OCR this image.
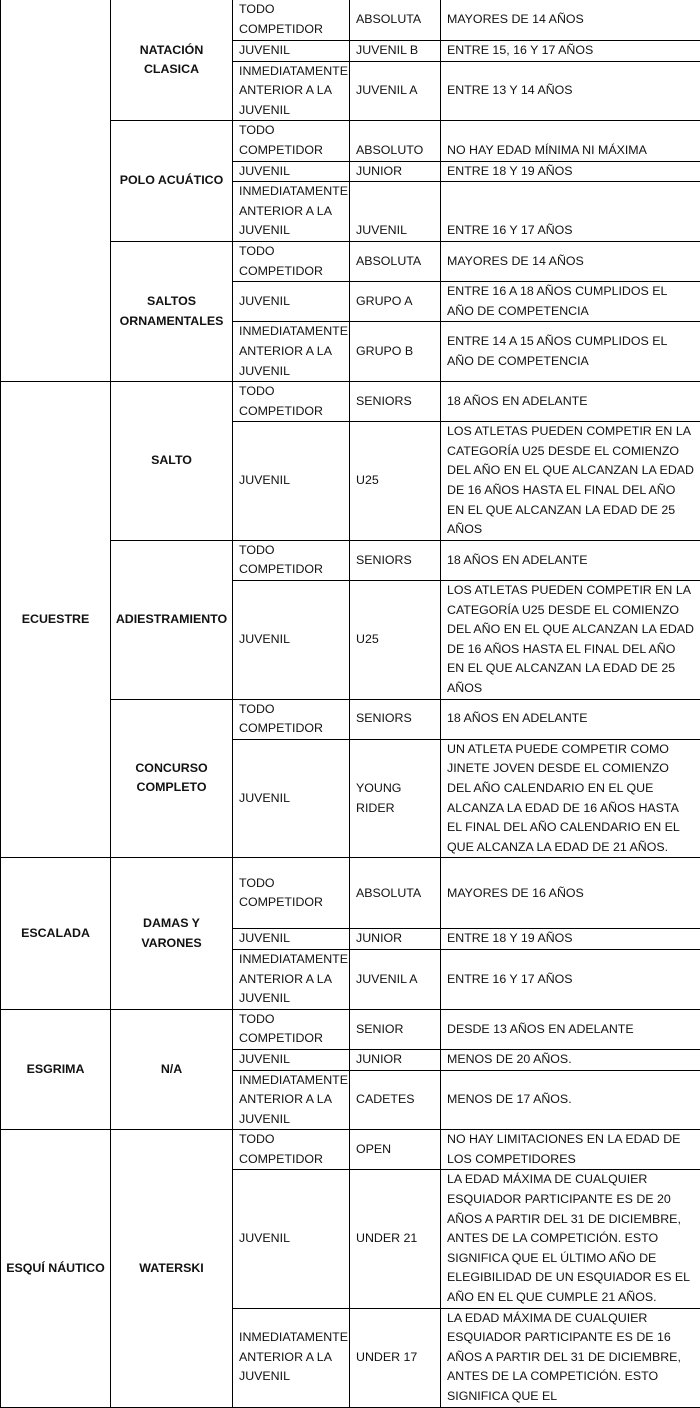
	NATACIÓN CLASICA	TODO COMPETIDOR	ABSOLUTA	MAYORES DE 14 AÑOS
		JUVENIL	JUVENIL B	ENTRE 15, 16 Y 17 AÑOS
		INMEDIATAMENTE ANTERIOR A LA JUVENIL	JUVENIL A	ENTRE 13 Y 14 AÑOS
	POLO ACUÁTICO	TODO COMPETIDOR	ABSOLUTO	NO HAY EDAD MÍNIMA NI MÁXIMA
		JUVENIL	JUNIOR	ENTRE 18 Y 19 AÑOS
		INMEDIATAMENTE ANTERIOR A LA JUVENIL	JUVENIL	ENTRE 16 Y 17 AÑOS
	SALTOS ORNAMENTALES	TODO COMPETIDOR	ABSOLUTA	MAYORES DE 14 AÑOS
		JUVENIL	GRUPO A	ENTRE 16 A 18 AÑOS CUMPLIDOS EL AÑO DE COMPETENCIA
		INMEDIATAMENTE ANTERIOR A LA JUVENIL	GRUPO B	ENTRE 14 A 15 AÑOS CUMPLIDOS EL AÑO DE COMPETENCIA
ECUESTRE	SALTO	TODO COMPETIDOR	SENIORS	18 AÑOS EN ADELANTE
		JUVENIL	U25	LOS ATLETAS PUEDEN COMPETIR EN LA CATEGORÍA U25 DESDE EL COMIENZO DEL AÑO EN EL QUE ALCANZAN LA EDAD DE 16 AÑOS HASTA EL FINAL DEL AÑO EN EL QUE ALCANZAN LA EDAD DE 25 AÑOS
	ADIESTRAMIENTO	TODO COMPETIDOR	SENIORS	18 AÑOS EN ADELANTE
		JUVENIL	U25	LOS ATLETAS PUEDEN COMPETIR EN LA CATEGORÍA U25 DESDE EL COMIENZO DEL AÑO EN EL QUE ALCANZAN LA EDAD DE 16 AÑOS HASTA EL FINAL DEL AÑO EN EL QUE ALCANZAN LA EDAD DE 25 AÑOS
	CONCURSO COMPLETO	TODO COMPETIDOR	SENIORS	18 AÑOS EN ADELANTE
		JUVENIL	YOUNG RIDER	UN ATLETA PUEDE COMPETIR COMO JINETE JOVEN DESDE EL COMIENZO DEL AÑO CALENDARIO EN EL QUE ALCANZA LA EDAD DE 16 AÑOS HASTA EL FINAL DEL AÑO CALENDARIO EN EL QUE ALCANZA LA EDAD DE 21 AÑOS.
ESCALADA	DAMAS Y VARONES	TODO COMPETIDOR	ABSOLUTA	MAYORES DE 16 AÑOS
		JUVENIL	JUNIOR	ENTRE 18 Y 19 AÑOS
		INMEDIATAMENTE ANTERIOR A LA JUVENIL	JUVENIL A	ENTRE 16 Y 17 AÑOS
ESGRIMA	N/A	TODO COMPETIDOR	SENIOR	DESDE 13 AÑOS EN ADELANTE
		JUVENIL	JUNIOR	MENOS DE 20 AÑOS.
		INMEDIATAMENTE ANTERIOR A LA JUVENIL	CADETES	MENOS DE 17 AÑOS.
ESQUÍ NÁUTICO	WATERSKI	TODO COMPETIDOR	OPEN	NO HAY LIMITACIONES EN LA EDAD DE LOS COMPETIDORES
		JUVENIL	UNDER 21	LA EDAD MÁXIMA DE CUALQUIER ESQUIADOR PARTICIPANTE ES DE 20 AÑOS A PARTIR DEL 31 DE DICIEMBRE, ANTES DE LA COMPETICIÓN. ESTO SIGNIFICA QUE EL ÚLTIMO AÑO DE ELEGIBILIDAD DE UN ESQUIADOR ES EL AÑO EN EL QUE CUMPLE 21 AÑOS.
		INMEDIATAMENTE ANTERIOR A LA JUVENIL	UNDER 17	LA EDAD MÁXIMA DE CUALQUIER ESQUIADOR PARTICIPANTE ES DE 16 AÑOS A PARTIR DEL 31 DE DICIEMBRE, ANTES DE LA COMPETICIÓN. ESTO SIGNIFICA QUE EL
